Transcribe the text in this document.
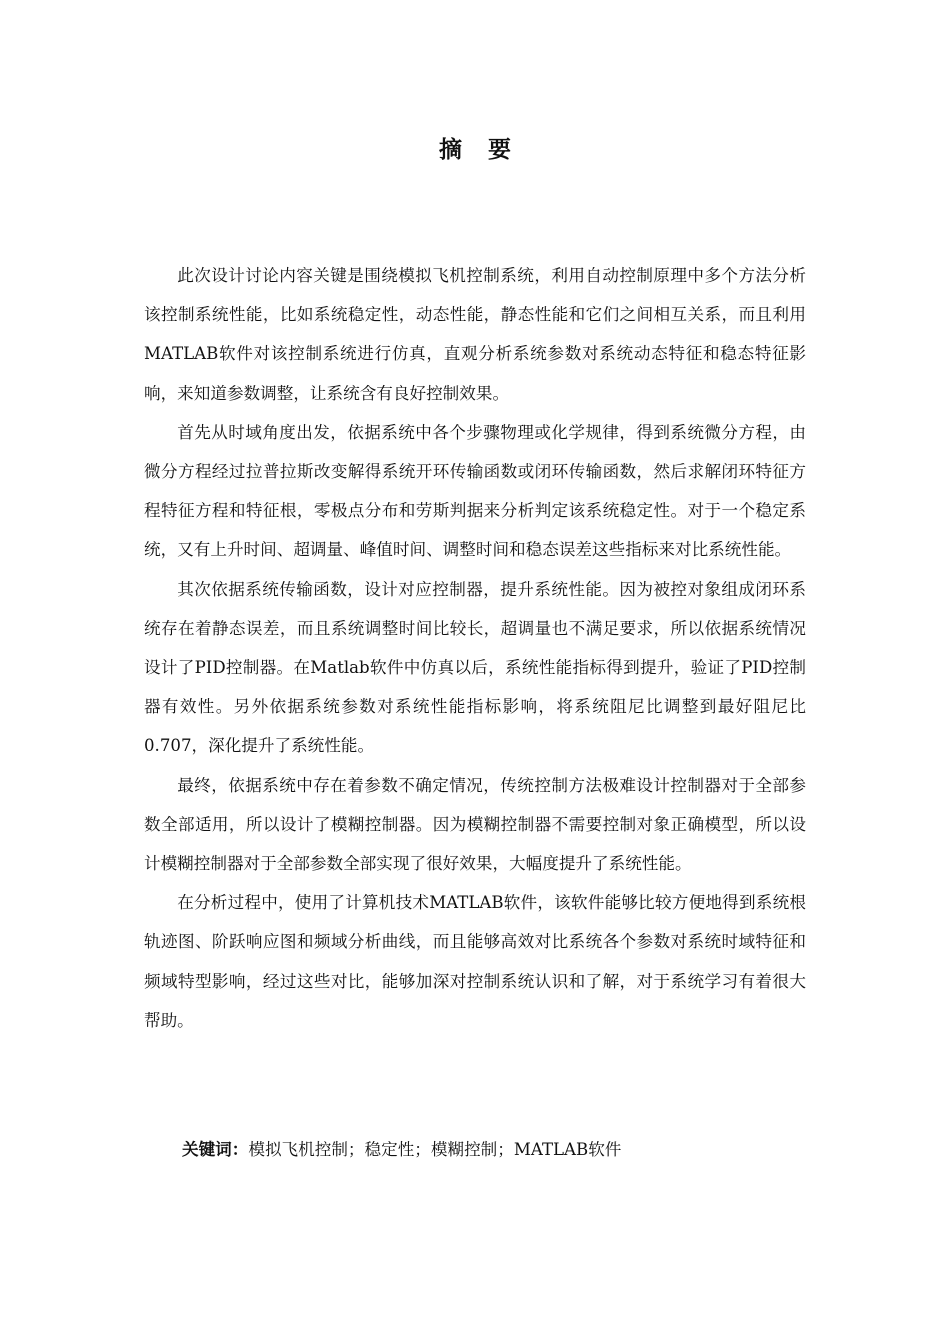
摘要

此次设计讨论内容关键是围绕模拟飞机控制系统，利用自动控制原理中多个方法分析该控制系统性能，比如系统稳定性，动态性能，静态性能和它们之间相互关系，而且利用MATLAB软件对该控制系统进行仿真，直观分析系统参数对系统动态特征和稳态特征影响，来知道参数调整，让系统含有良好控制效果。

首先从时域角度出发，依据系统中各个步骤物理或化学规律，得到系统微分方程，由微分方程经过拉普拉斯改变解得系统开环传输函数或闭环传输函数，然后求解闭环特征方程特征方程和特征根，零极点分布和劳斯判据来分析判定该系统稳定性。对于一个稳定系统，又有上升时间、超调量、峰值时间、调整时间和稳态误差这些指标来对比系统性能。

其次依据系统传输函数，设计对应控制器，提升系统性能。因为被控对象组成闭环系统存在着静态误差，而且系统调整时间比较长，超调量也不满足要求，所以依据系统情况设计了PID控制器。在Matlab软件中仿真以后，系统性能指标得到提升，验证了PID控制器有效性。另外依据系统参数对系统性能指标影响，将系统阻尼比调整到最好阻尼比0.707，深化提升了系统性能。

最终，依据系统中存在着参数不确定情况，传统控制方法极难设计控制器对于全部参数全部适用，所以设计了模糊控制器。因为模糊控制器不需要控制对象正确模型，所以设计模糊控制器对于全部参数全部实现了很好效果，大幅度提升了系统性能。

在分析过程中，使用了计算机技术MATLAB软件，该软件能够比较方便地得到系统根轨迹图、阶跃响应图和频域分析曲线，而且能够高效对比系统各个参数对系统时域特征和频域特型影响，经过这些对比，能够加深对控制系统认识和了解，对于系统学习有着很大帮助。

关键词：模拟飞机控制；稳定性；模糊控制；MATLAB软件
